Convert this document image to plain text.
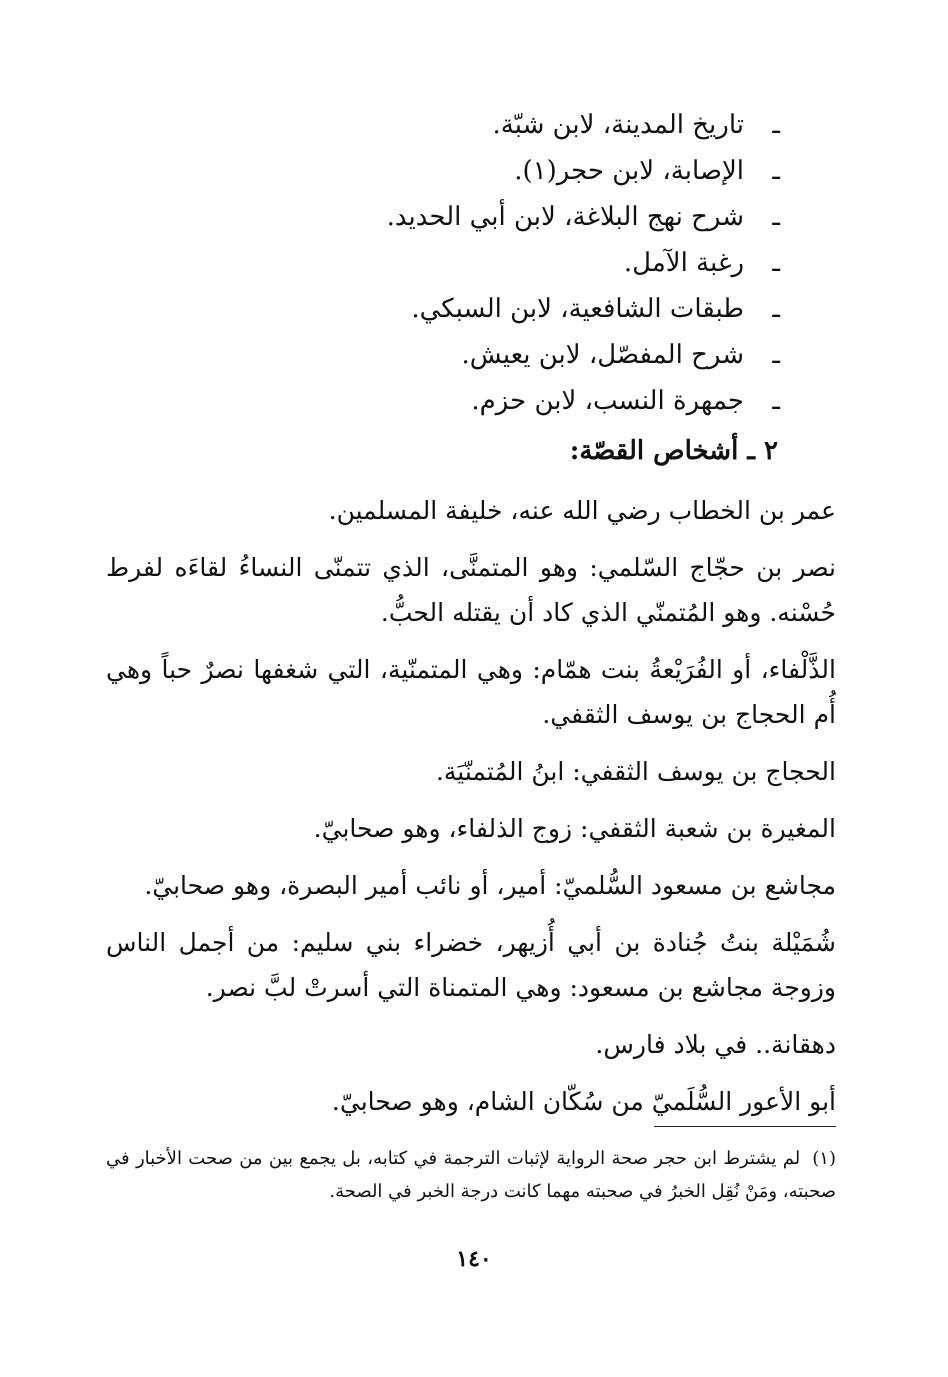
ـتاريخ المدينة، لابن شبّة.
ـالإصابة، لابن حجر(١).
ـشرح نهج البلاغة، لابن أبي الحديد.
ـرغبة الآمل.
ـطبقات الشافعية، لابن السبكي.
ـشرح المفصّل، لابن يعيش.
ـجمهرة النسب، لابن حزم.
٢ ـ أشخاص القصّة:

عمر بن الخطاب رضي الله عنه، خليفة المسلمين.

نصر بن حجّاج السّلمي: وهو المتمنَّى، الذي تتمنّى النساءُ لقاءَه لفرط حُسْنه. وهو المُتمنّي الذي كاد أن يقتله الحبُّ.

الذَّلْفاء، أو الفُرَيْعةُ بنت همّام: وهي المتمنّية، التي شغفها نصرٌ حباً وهي أُم الحجاج بن يوسف الثقفي.

الحجاج بن يوسف الثقفي: ابنُ المُتمنّيَة.

المغيرة بن شعبة الثقفي: زوج الذلفاء، وهو صحابيّ.

مجاشع بن مسعود السُّلميّ: أمير، أو نائب أمير البصرة، وهو صحابيّ.

شُمَيْلة بنتُ جُنادة بن أبي أُزيهر، خضراء بني سليم: من أجمل الناس وزوجة مجاشع بن مسعود: وهي المتمناة التي أسرتْ لبَّ نصر.

دهقانة.. في بلاد فارس.

أبو الأعور السُّلَميّ من سُكّان الشام، وهو صحابيّ.

(١)لم يشترط ابن حجر صحة الرواية لإثبات الترجمة في كتابه، بل يجمع بين من صحت الأخبار في صحبته، ومَنْ نُقِل الخبرُ في صحبته مهما كانت درجة الخبر في الصحة.

١٤٠
